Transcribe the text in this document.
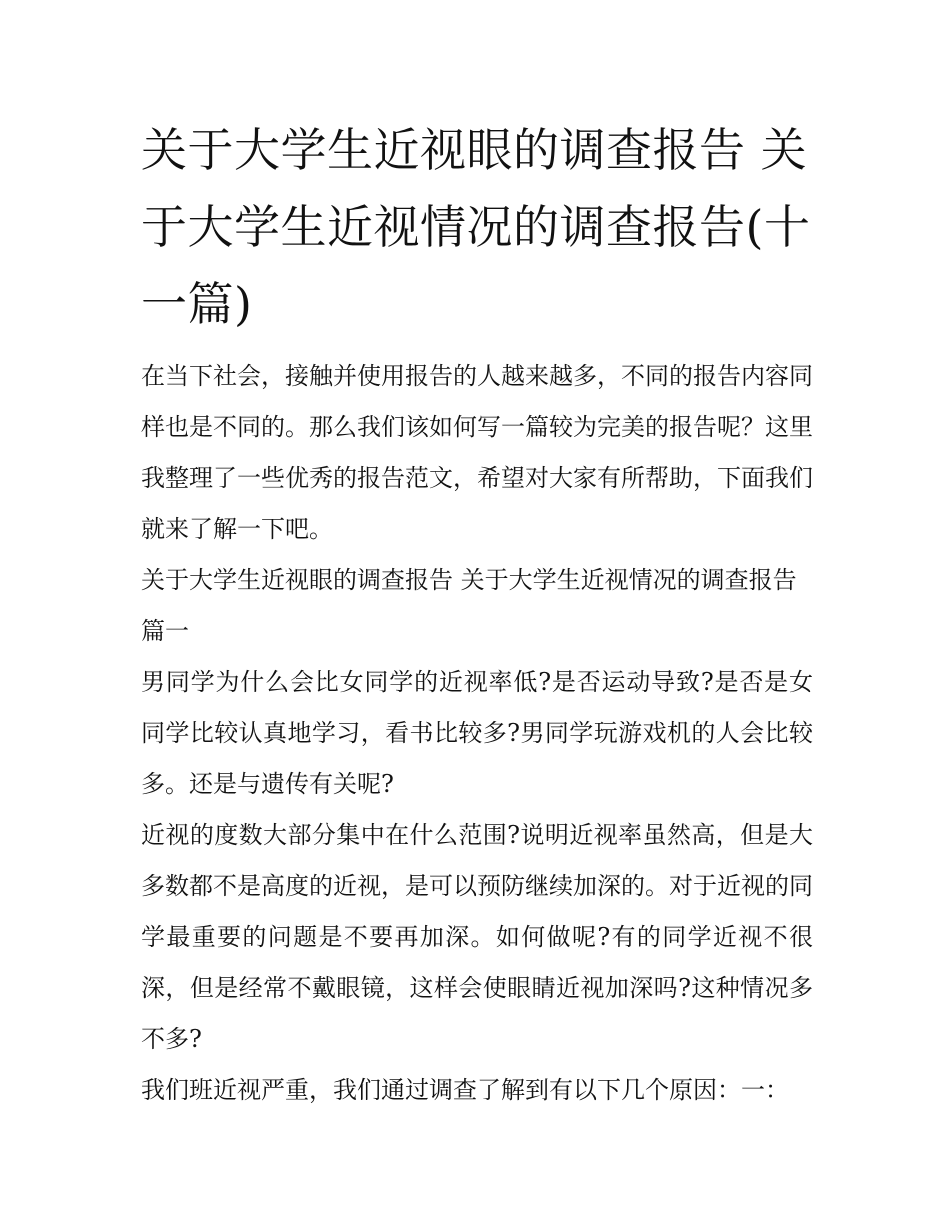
关于大学生近视眼的调查报告 关于大学生近视情况的调查报告(十一篇)

在当下社会，接触并使用报告的人越来越多，不同的报告内容同样也是不同的。那么我们该如何写一篇较为完美的报告呢？这里我整理了一些优秀的报告范文，希望对大家有所帮助，下面我们就来了解一下吧。

关于大学生近视眼的调查报告 关于大学生近视情况的调查报告篇一

男同学为什么会比女同学的近视率低?是否运动导致?是否是女同学比较认真地学习，看书比较多?男同学玩游戏机的人会比较多。还是与遗传有关呢?

近视的度数大部分集中在什么范围?说明近视率虽然高，但是大多数都不是高度的近视，是可以预防继续加深的。对于近视的同学最重要的问题是不要再加深。如何做呢?有的同学近视不很深，但是经常不戴眼镜，这样会使眼睛近视加深吗?这种情况多不多?

我们班近视严重，我们通过调查了解到有以下几个原因：一：
